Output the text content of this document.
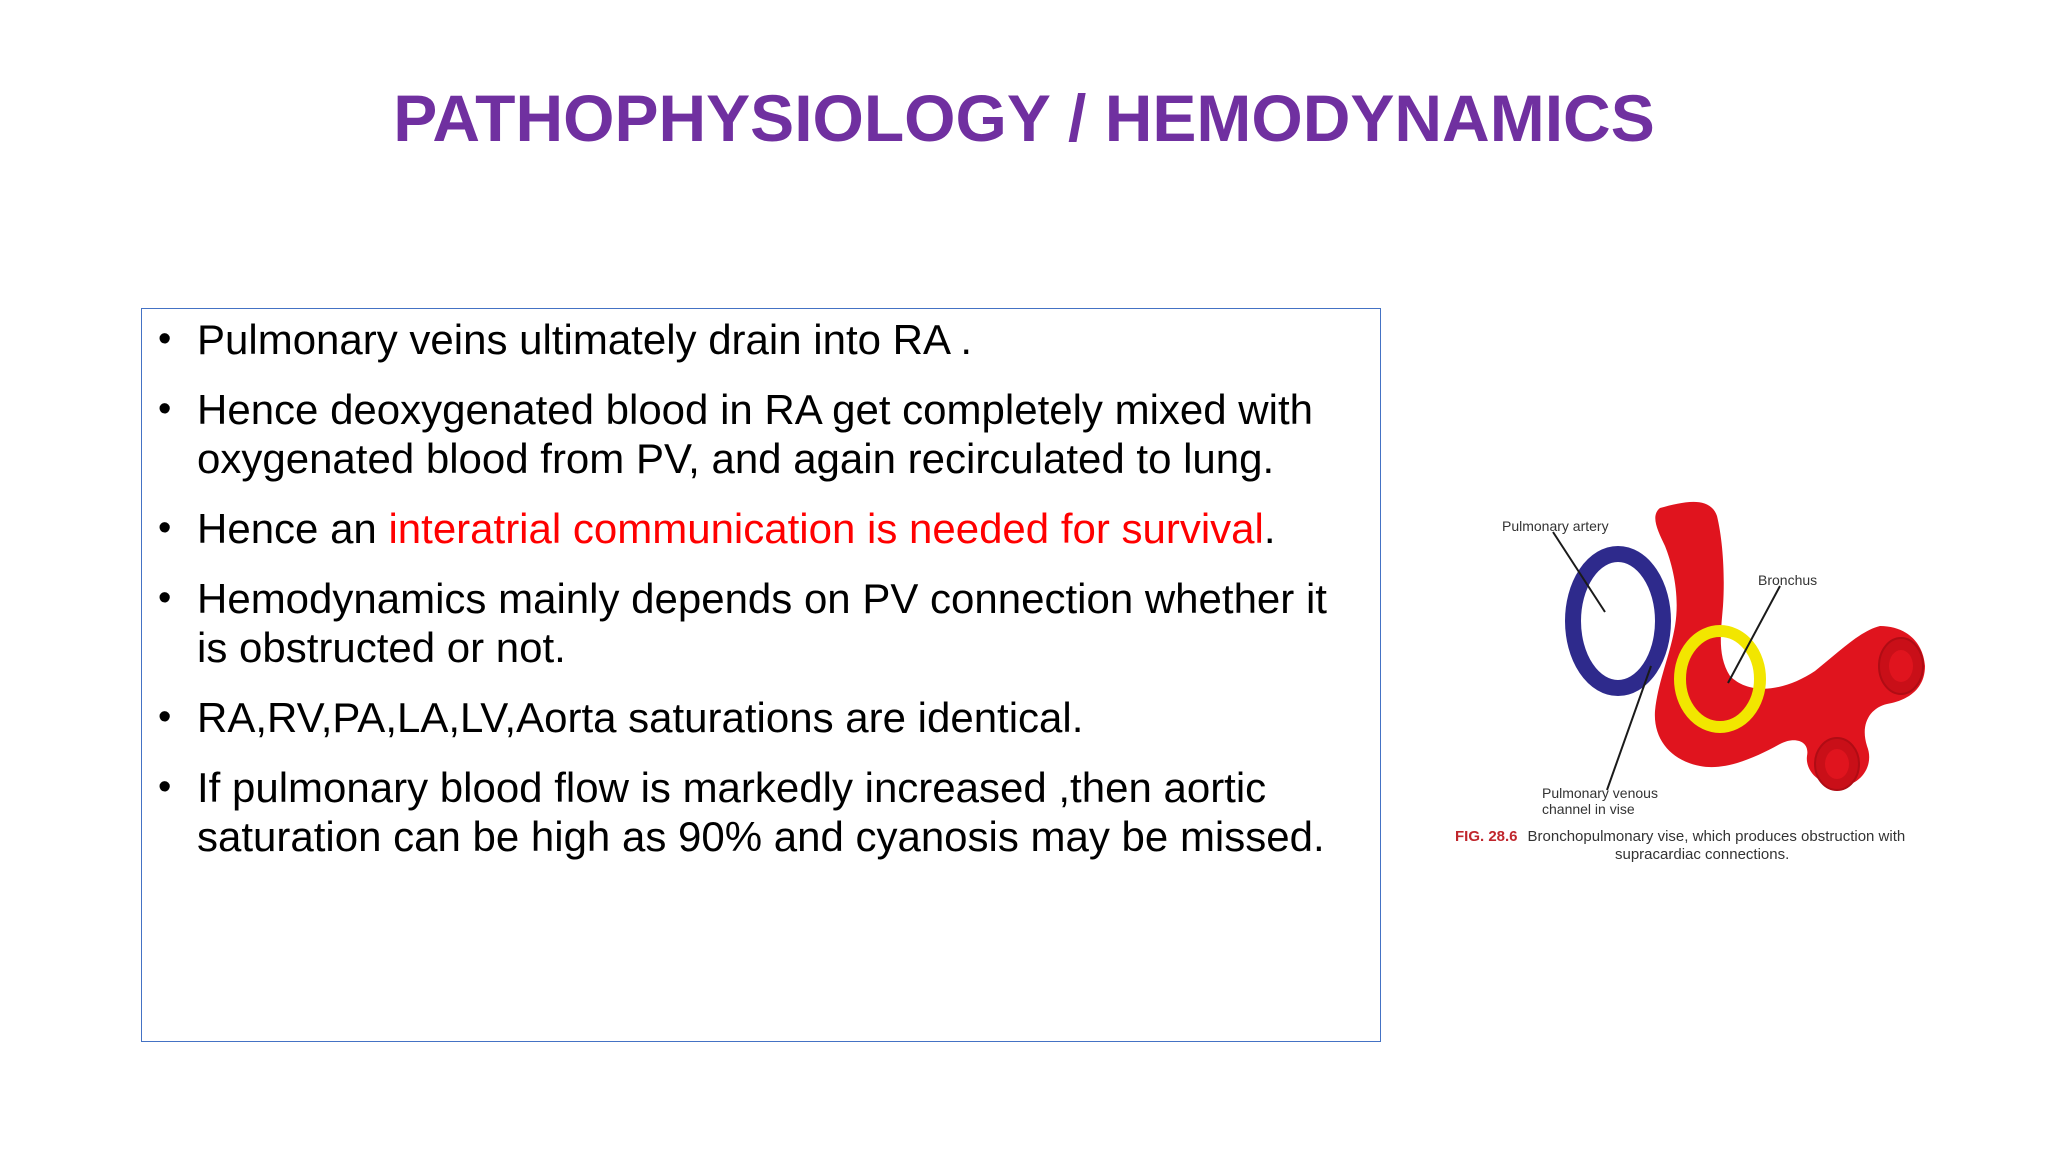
PATHOPHYSIOLOGY / HEMODYNAMICS
• Pulmonary veins ultimately drain into RA .
• Hence deoxygenated blood in RA get completely mixed with oxygenated blood from PV, and again recirculated to lung.
• Hence an interatrial communication is needed for survival.
• Hemodynamics mainly depends on PV connection whether it is obstructed or not.
• RA,RV,PA,LA,LV,Aorta saturations are identical.
• If pulmonary blood flow is markedly increased ,then aortic saturation can be high as 90% and cyanosis may be missed.
Pulmonary artery
Bronchus
Pulmonary venous
channel in vise
FIG. 28.6 Bronchopulmonary vise, which produces obstruction with
supracardiac connections.
